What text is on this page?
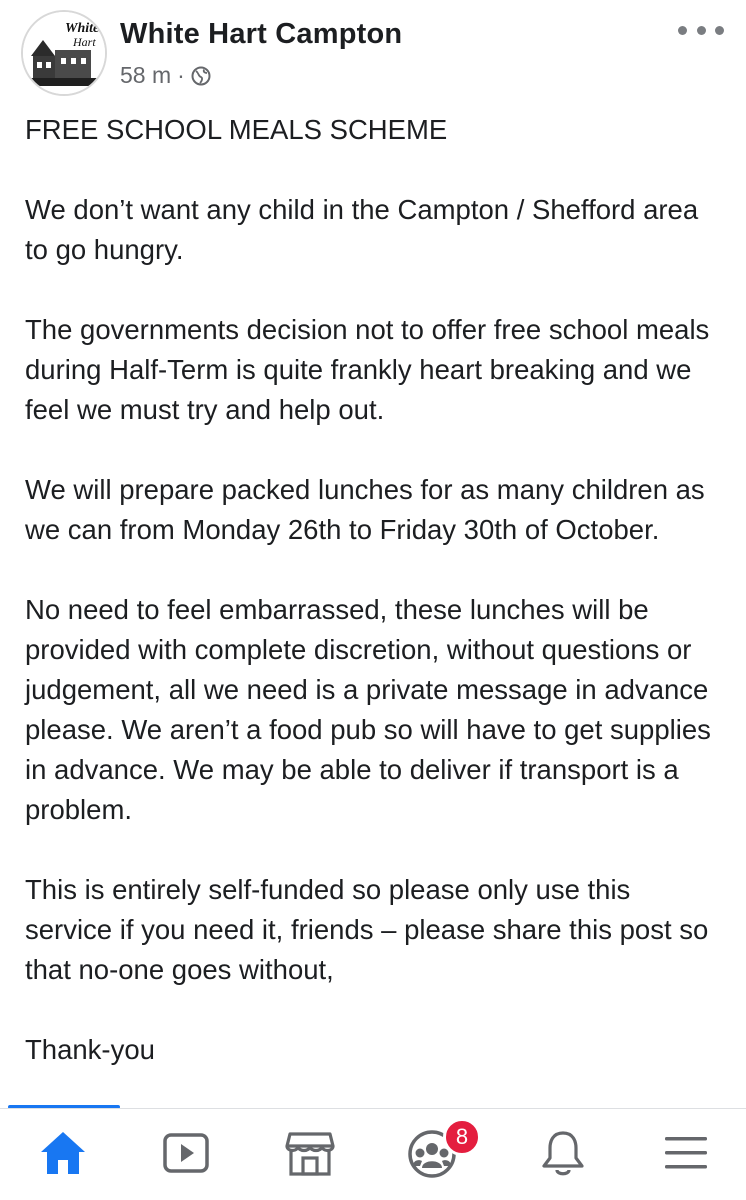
White
Hart White Hart Campton
58 m ·

FREE SCHOOL MEALS SCHEME

We don’t want any child in the Campton / Shefford area to go hungry.

The governments decision not to offer free school meals during Half-Term is quite frankly heart breaking and we feel we must try and help out.

We will prepare packed lunches for as many children as we can from Monday 26th to Friday 30th of October.

No need to feel embarrassed, these lunches will be provided with complete discretion, without questions or judgement, all we need is a private message in advance please. We aren’t a food pub so will have to get supplies in advance. We may be able to deliver if transport is a problem.

This is entirely self-funded so please only use this service if you need it, friends – please share this post so that no-one goes without,

Thank-you

8
